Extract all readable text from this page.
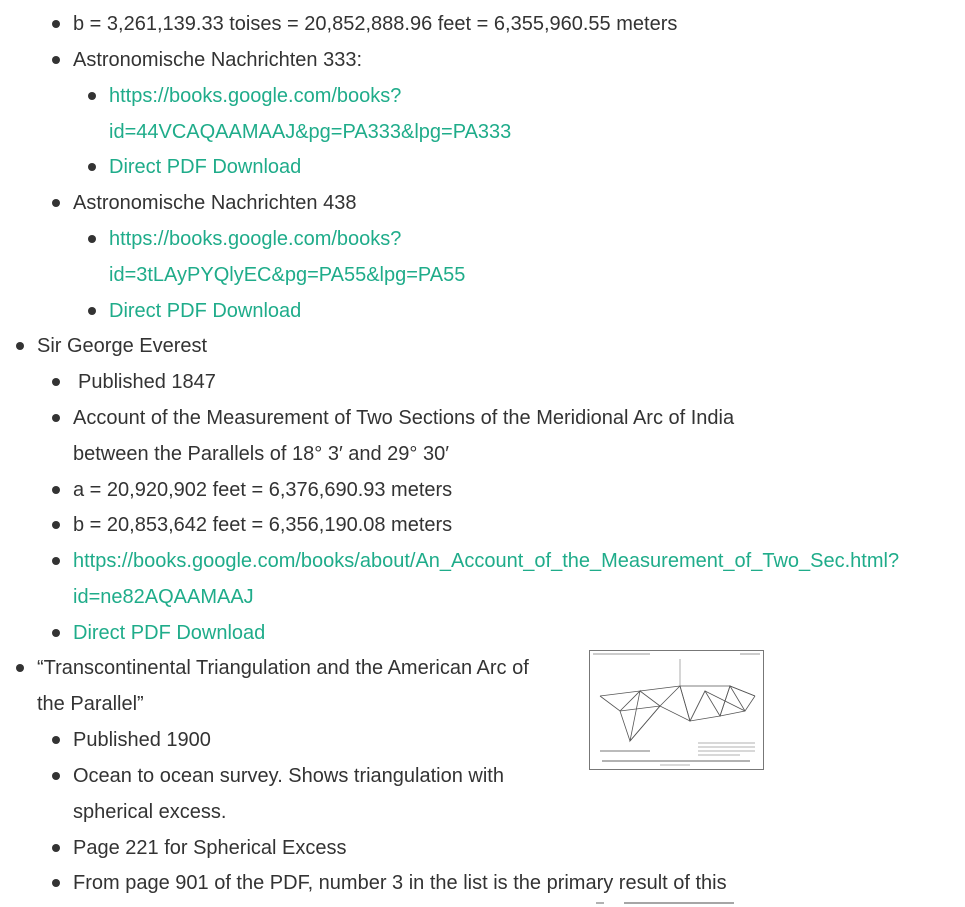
b = 3,261,139.33 toises = 20,852,888.96 feet = 6,355,960.55 meters
Astronomische Nachrichten 333:
https://books.google.com/books?
id=44VCAQAAMAAJ&pg=PA333&lpg=PA333
Direct PDF Download
Astronomische Nachrichten 438
https://books.google.com/books?
id=3tLAyPYQlyEC&pg=PA55&lpg=PA55
Direct PDF Download
Sir George Everest
Published 1847
Account of the Measurement of Two Sections of the Meridional Arc of India
between the Parallels of 18° 3′ and 29° 30′
a = 20,920,902 feet = 6,376,690.93 meters
b = 20,853,642 feet = 6,356,190.08 meters
https://books.google.com/books/about/An_Account_of_the_Measurement_of_Two_Sec.html?
id=ne82AQAAMAAJ
Direct PDF Download
“Transcontinental Triangulation and the American Arc of
the Parallel”
Published 1900
Ocean to ocean survey. Shows triangulation with
spherical excess.
Page 221 for Spherical Excess
From page 901 of the PDF, number 3 in the list is the primary result of this
